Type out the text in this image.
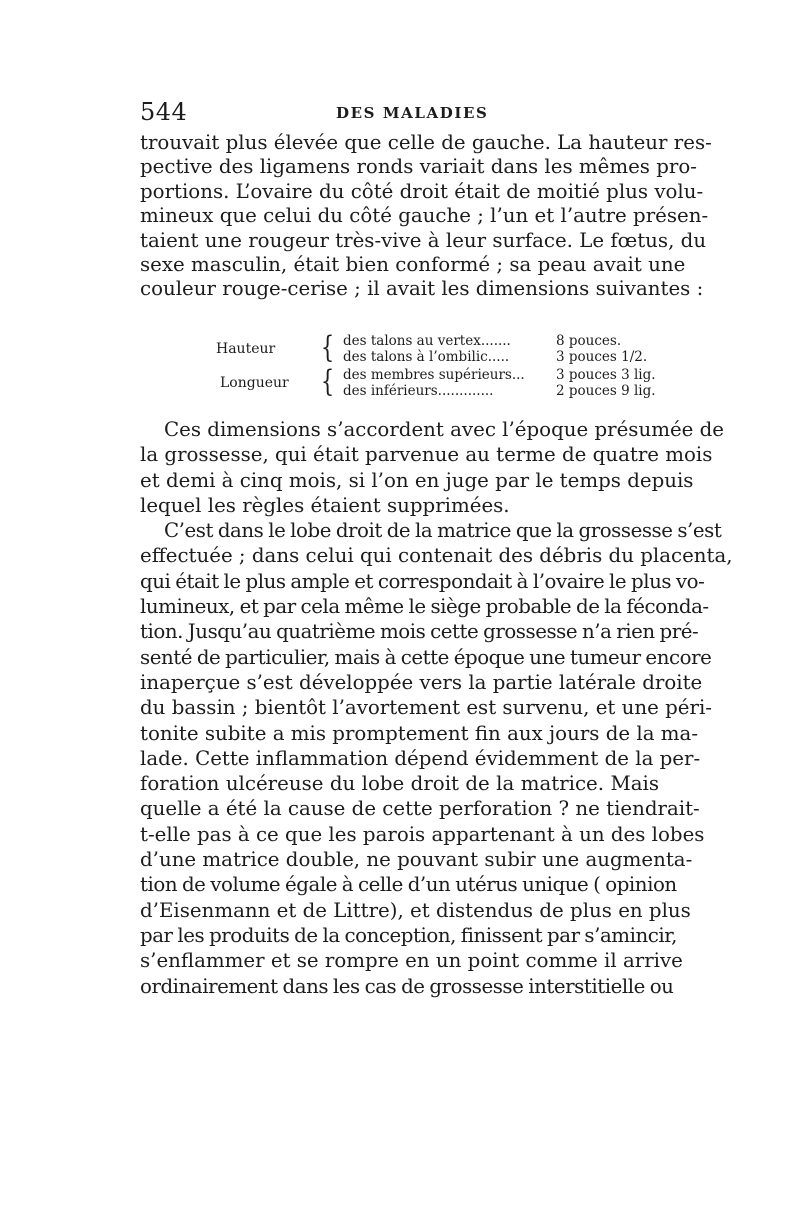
544	DES MALADIES
trouvait plus élevée que celle de gauche. La hauteur res-
pective des ligamens ronds variait dans les mêmes pro-
portions. L’ovaire du côté droit était de moitié plus volu-
mineux que celui du côté gauche ; l’un et l’autre présen-
taient une rougeur très-vive à leur surface. Le fœtus, du
sexe masculin, était bien conformé ; sa peau avait une
couleur rouge-cerise ; il avait les dimensions suivantes :
Hauteur	{ des talons au vertex.......	8 pouces.
des talons à l’ombilic.....	3 pouces 1/2.
Longueur	{ des membres supérieurs... 3 pouces 3 lig.
des inférieurs.............	2 pouces 9 lig.
Ces dimensions s’accordent avec l’époque présumée de
la grossesse, qui était parvenue au terme de quatre mois
et demi à cinq mois, si l’on en juge par le temps depuis
lequel les règles étaient supprimées.
C’est dans le lobe droit de la matrice que la grossesse s’est
effectuée ; dans celui qui contenait des débris du placenta,
qui était le plus ample et correspondait à l’ovaire le plus vo-
lumineux, et par cela même le siège probable de la féconda-
tion. Jusqu’au quatrième mois cette grossesse n’a rien pré-
senté de particulier, mais à cette époque une tumeur encore
inaperçue s’est développée vers la partie latérale droite
du bassin ; bientôt l’avortement est survenu, et une péri-
tonite subite a mis promptement fin aux jours de la ma-
lade. Cette inflammation dépend évidemment de la per-
foration ulcéreuse du lobe droit de la matrice. Mais
quelle a été la cause de cette perforation ? ne tiendrait-
t-elle pas à ce que les parois appartenant à un des lobes
d’une matrice double, ne pouvant subir une augmenta-
tion de volume égale à celle d’un utérus unique ( opinion
d’Eisenmann et de Littre), et distendus de plus en plus
par les produits de la conception, finissent par s’amincir,
s’enflammer et se rompre en un point comme il arrive
ordinairement dans les cas de grossesse interstitielle ou
